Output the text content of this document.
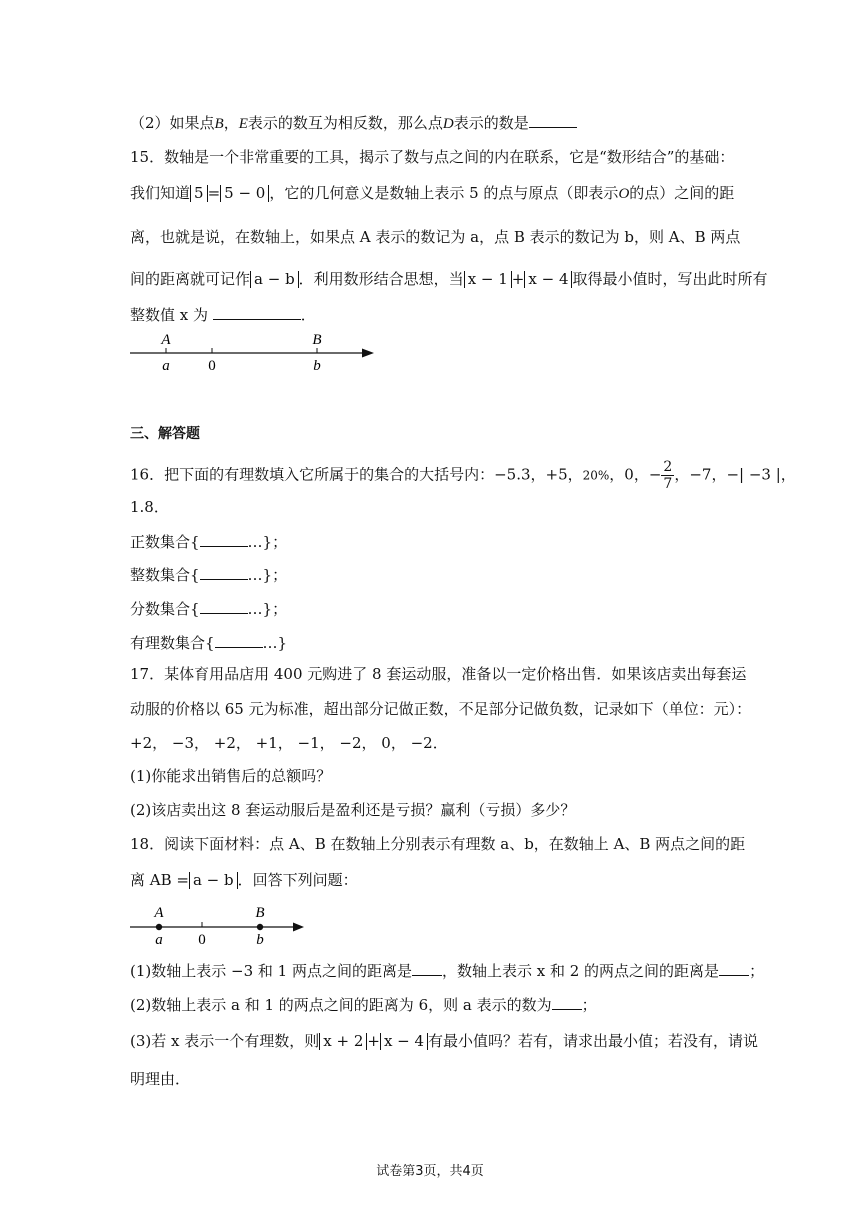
（2）如果点B，E表示的数互为相反数，那么点D表示的数是
15．数轴是一个非常重要的工具，揭示了数与点之间的内在联系，它是“数形结合”的基础：
我们知道 5 = 5 − 0 ，它的几何意义是数轴上表示 5 的点与原点（即表示O的点）之间的距
离，也就是说，在数轴上，如果点 A 表示的数记为 a，点 B 表示的数记为 b，则 A、B 两点
间的距离就可记作 a − b ．利用数形结合思想，当 x − 1 + x − 4 取得最小值时，写出此时所有
整数值 x 为	．
A	B
a	0	b
三、解答题
16．把下面的有理数填入它所属于的集合的大括号内：−5.3，+5，20%，0，− $\frac{2}{7}$ ，−7，−| −3 |，
1.8．
正数集合{	…}；
整数集合{	…}；
分数集合{	…}；
有理数集合{	…}
17．某体育用品店用 400 元购进了 8 套运动服，准备以一定价格出售．如果该店卖出每套运
动服的价格以 65 元为标准，超出部分记做正数，不足部分记做负数，记录如下（单位：元）：
+2， −3， +2， +1， −1， −2， 0， −2．
(1)你能求出销售后的总额吗？
(2)该店卖出这 8 套运动服后是盈利还是亏损？赢利（亏损）多少？
18．阅读下面材料：点 A、B 在数轴上分别表示有理数 a、b，在数轴上 A、B 两点之间的距
离 AB = a − b ．回答下列问题：
A	B
a 0	b
(1)数轴上表示 −3 和 1 两点之间的距离是 ，数轴上表示 x 和 2 的两点之间的距离是 ；
(2)数轴上表示 a 和 1 的两点之间的距离为 6，则 a 表示的数为 ；
(3)若 x 表示一个有理数，则 x + 2 + x − 4 有最小值吗？若有，请求出最小值；若没有，请说
明理由．
试卷第3页，共4页
